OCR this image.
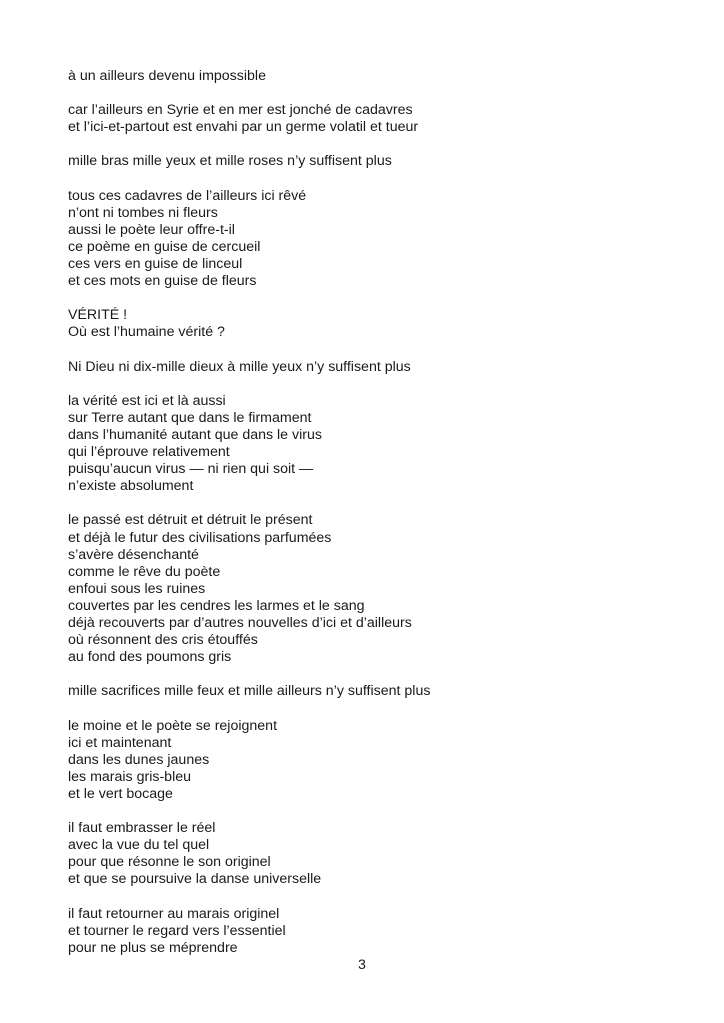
à un ailleurs devenu impossible
car l’ailleurs en Syrie et en mer est jonché de cadavres
et l’ici-et-partout est envahi par un germe volatil et tueur
mille bras mille yeux et mille roses n’y suffisent plus
tous ces cadavres de l’ailleurs ici rêvé
n’ont ni tombes ni fleurs
aussi le poète leur offre-t-il
ce poème en guise de cercueil
ces vers en guise de linceul
et ces mots en guise de fleurs
VÉRITÉ !
Où est l’humaine vérité ?
Ni Dieu ni dix-mille dieux à mille yeux n’y suffisent plus
la vérité est ici et là aussi
sur Terre autant que dans le firmament
dans l’humanité autant que dans le virus
qui l’éprouve relativement
puisqu’aucun virus — ni rien qui soit —
n’existe absolument
le passé est détruit et détruit le présent
et déjà le futur des civilisations parfumées
s’avère désenchanté
comme le rêve du poète
enfoui sous les ruines
couvertes par les cendres les larmes et le sang
déjà recouverts par d’autres nouvelles d’ici et d’ailleurs
où résonnent des cris étouffés
au fond des poumons gris
mille sacrifices mille feux et mille ailleurs n’y suffisent plus
le moine et le poète se rejoignent
ici et maintenant
dans les dunes jaunes
les marais gris-bleu
et le vert bocage
il faut embrasser le réel
avec la vue du tel quel
pour que résonne le son originel
et que se poursuive la danse universelle
il faut retourner au marais originel
et tourner le regard vers l’essentiel
pour ne plus se méprendre
3
